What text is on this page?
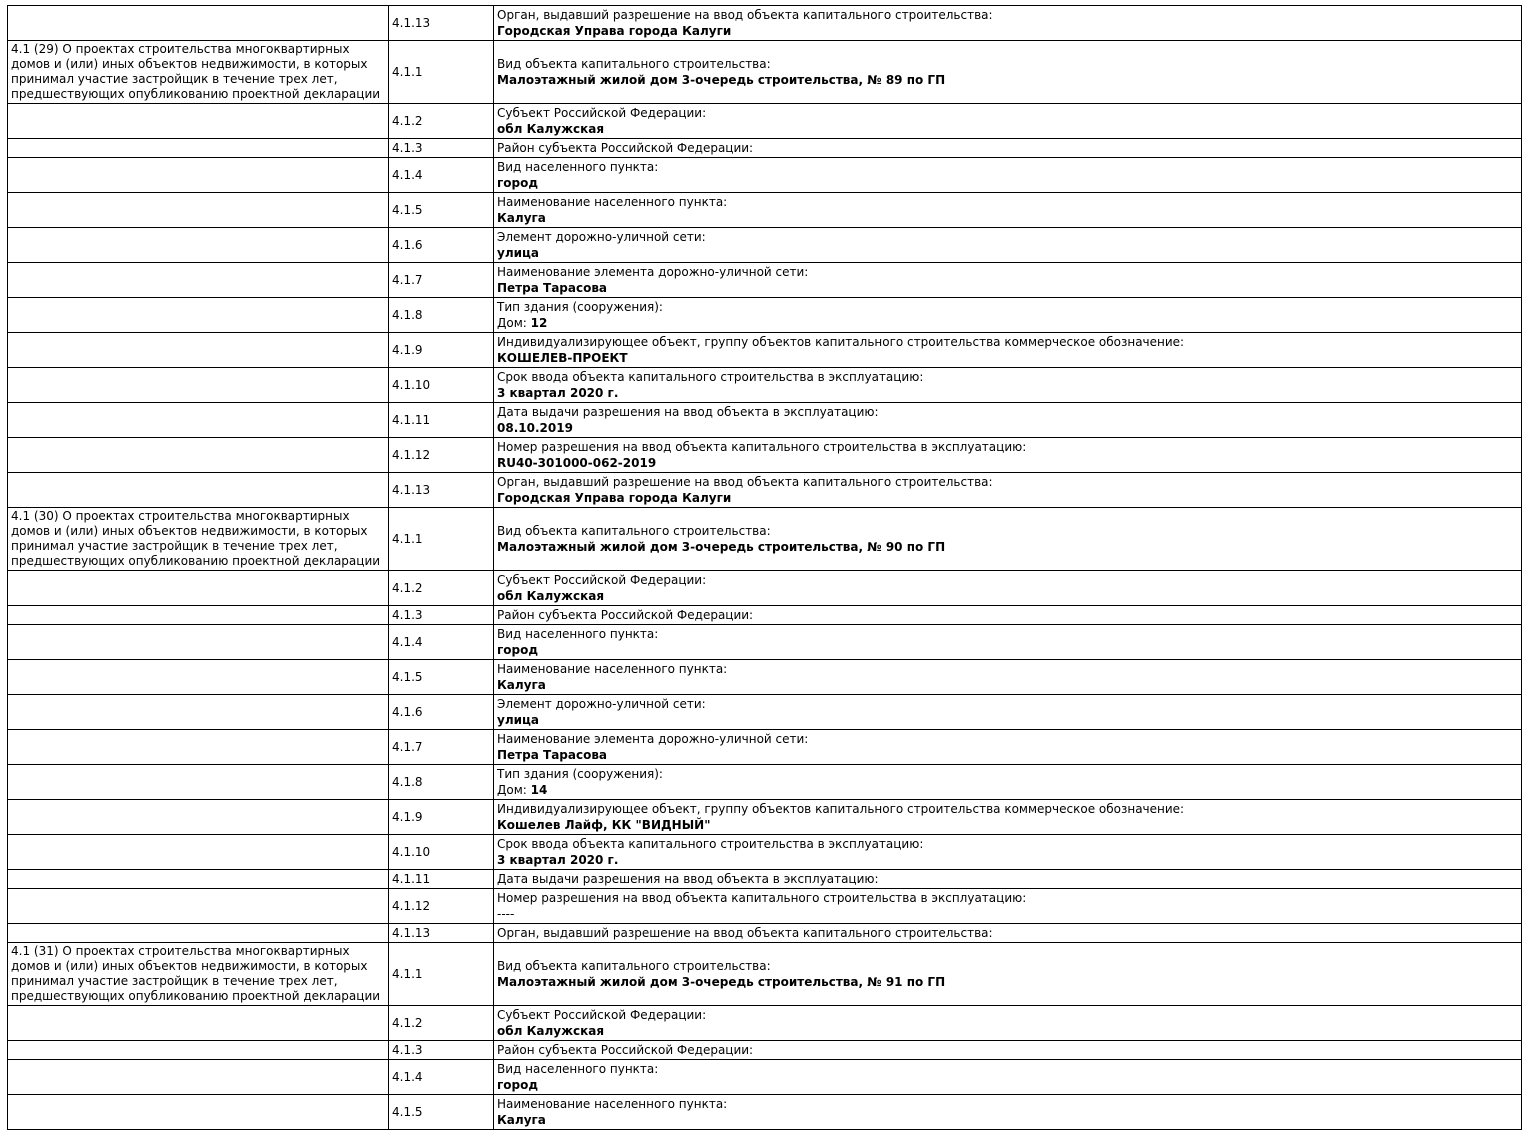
	4.1.13	Орган, выдавший разрешение на ввод объекта капитального строительства:
Городская Управа города Калуги

4.1 (29) О проектах строительства многоквартирных домов и (или) иных объектов недвижимости, в которых принимал участие застройщик в течение трех лет, предшествующих опубликованию проектной декларации	4.1.1	Вид объекта капитального строительства:
Малоэтажный жилой дом 3-очередь строительства, № 89 по ГП

	4.1.2	Субъект Российской Федерации:
обл Калужская

	4.1.3	Район субъекта Российской Федерации:

	4.1.4	Вид населенного пункта:
город

	4.1.5	Наименование населенного пункта:
Калуга

	4.1.6	Элемент дорожно-уличной сети:
улица

	4.1.7	Наименование элемента дорожно-уличной сети:
Петра Тарасова

	4.1.8	Тип здания (сооружения):
Дом: 12

	4.1.9	Индивидуализирующее объект, группу объектов капитального строительства коммерческое обозначение:
КОШЕЛЕВ-ПРОЕКТ

	4.1.10	Срок ввода объекта капитального строительства в эксплуатацию:
3 квартал 2020 г.

	4.1.11	Дата выдачи разрешения на ввод объекта в эксплуатацию:
08.10.2019

	4.1.12	Номер разрешения на ввод объекта капитального строительства в эксплуатацию:
RU40-301000-062-2019

	4.1.13	Орган, выдавший разрешение на ввод объекта капитального строительства:
Городская Управа города Калуги

4.1 (30) О проектах строительства многоквартирных домов и (или) иных объектов недвижимости, в которых принимал участие застройщик в течение трех лет, предшествующих опубликованию проектной декларации	4.1.1	Вид объекта капитального строительства:
Малоэтажный жилой дом 3-очередь строительства, № 90 по ГП

	4.1.2	Субъект Российской Федерации:
обл Калужская

	4.1.3	Район субъекта Российской Федерации:

	4.1.4	Вид населенного пункта:
город

	4.1.5	Наименование населенного пункта:
Калуга

	4.1.6	Элемент дорожно-уличной сети:
улица

	4.1.7	Наименование элемента дорожно-уличной сети:
Петра Тарасова

	4.1.8	Тип здания (сооружения):
Дом: 14

	4.1.9	Индивидуализирующее объект, группу объектов капитального строительства коммерческое обозначение:
Кошелев Лайф, КК "ВИДНЫЙ"

	4.1.10	Срок ввода объекта капитального строительства в эксплуатацию:
3 квартал 2020 г.

	4.1.11	Дата выдачи разрешения на ввод объекта в эксплуатацию:

	4.1.12	Номер разрешения на ввод объекта капитального строительства в эксплуатацию:
----

	4.1.13	Орган, выдавший разрешение на ввод объекта капитального строительства:

4.1 (31) О проектах строительства многоквартирных домов и (или) иных объектов недвижимости, в которых принимал участие застройщик в течение трех лет, предшествующих опубликованию проектной декларации	4.1.1	Вид объекта капитального строительства:
Малоэтажный жилой дом 3-очередь строительства, № 91 по ГП

	4.1.2	Субъект Российской Федерации:
обл Калужская

	4.1.3	Район субъекта Российской Федерации:

	4.1.4	Вид населенного пункта:
город

	4.1.5	Наименование населенного пункта:
Калуга
